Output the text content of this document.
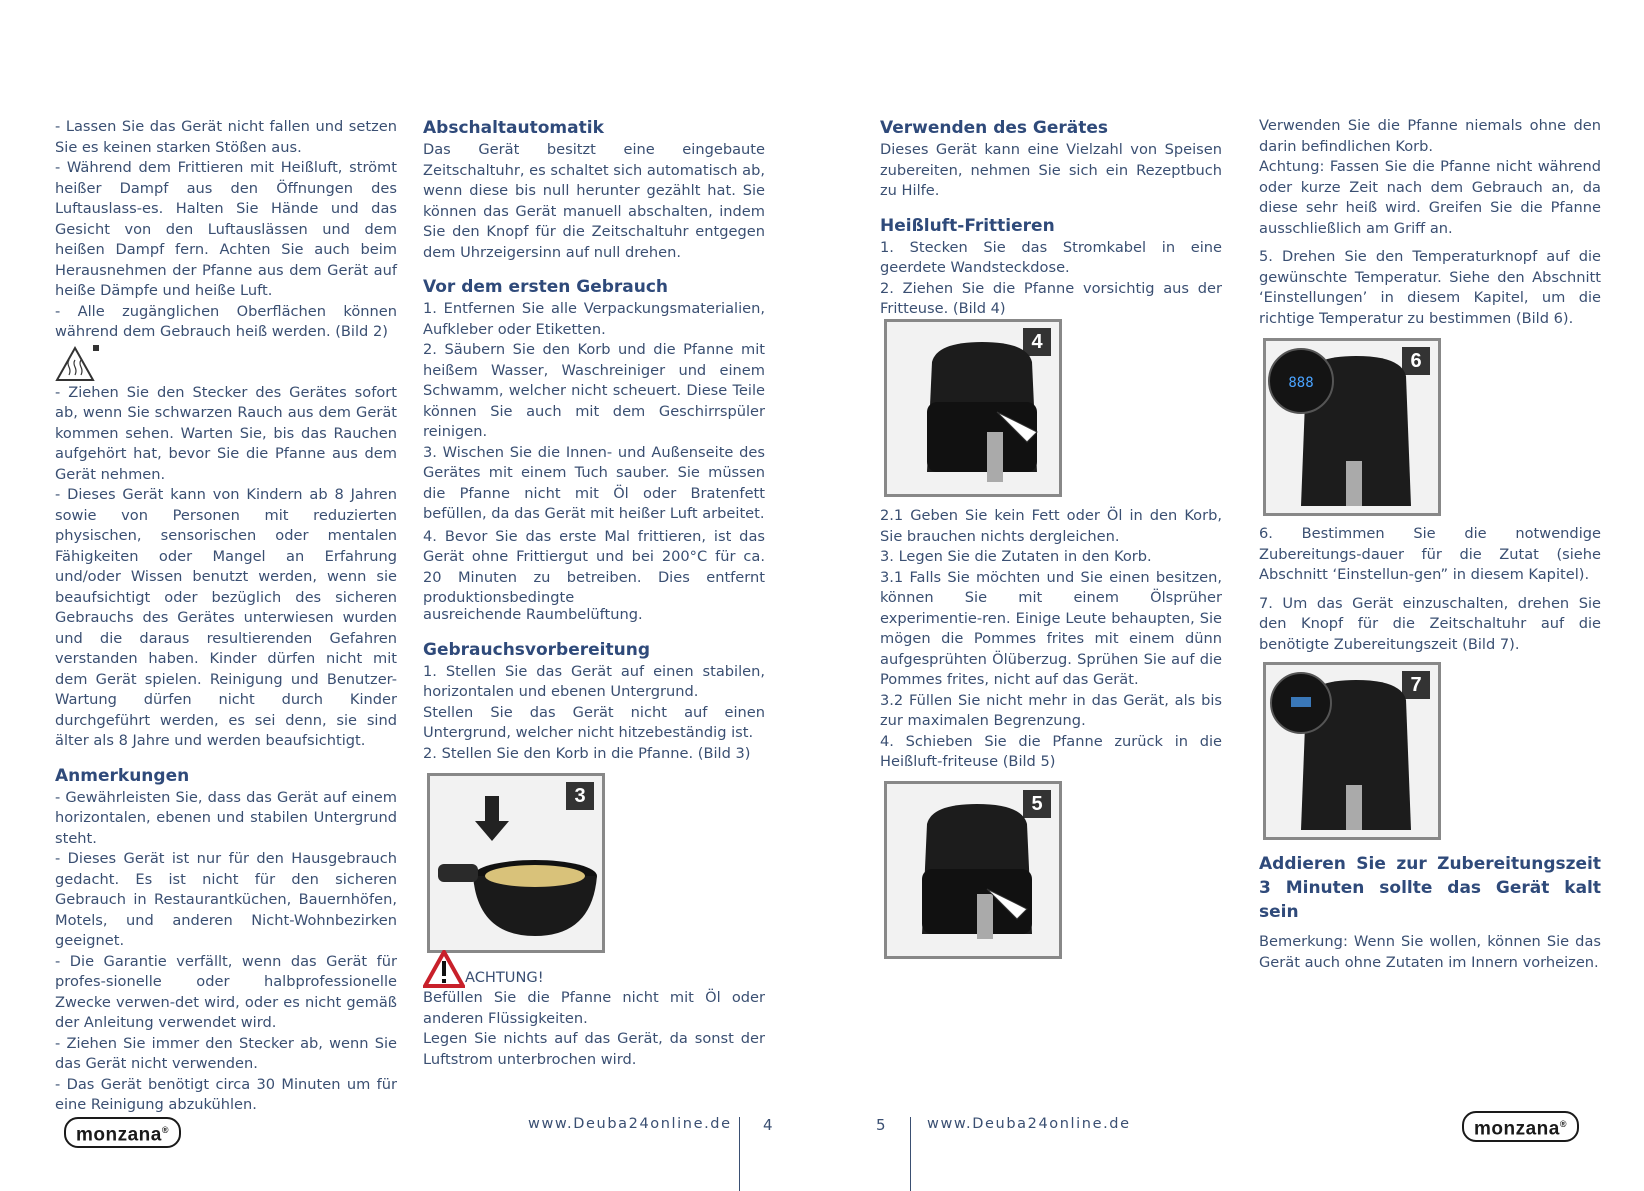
- Lassen Sie das Gerät nicht fallen und setzen Sie es keinen starken Stößen aus.

- Während dem Frittieren mit Heißluft, strömt heißer Dampf aus den Öffnungen des Luftauslass-es. Halten Sie Hände und das Gesicht von den Luftauslässen und dem heißen Dampf fern. Achten Sie auch beim Herausnehmen der Pfanne aus dem Gerät auf heiße Dämpfe und heiße Luft.

- Alle zugänglichen Oberflächen können während dem Gebrauch heiß werden. (Bild 2)

- Ziehen Sie den Stecker des Gerätes sofort ab, wenn Sie schwarzen Rauch aus dem Gerät kommen sehen. Warten Sie, bis das Rauchen aufgehört hat, bevor Sie die Pfanne aus dem Gerät nehmen.

- Dieses Gerät kann von Kindern ab 8 Jahren sowie von Personen mit reduzierten physischen, sensorischen oder mentalen Fähigkeiten oder Mangel an Erfahrung und/oder Wissen benutzt werden, wenn sie beaufsichtigt oder bezüglich des sicheren Gebrauchs des Gerätes unterwiesen wurden und die daraus resultierenden Gefahren verstanden haben. Kinder dürfen nicht mit dem Gerät spielen. Reinigung und Benutzer-Wartung dürfen nicht durch Kinder durchgeführt werden, es sei denn, sie sind älter als 8 Jahre und werden beaufsichtigt.

Anmerkungen

- Gewährleisten Sie, dass das Gerät auf einem horizontalen, ebenen und stabilen Untergrund steht.

- Dieses Gerät ist nur für den Hausgebrauch gedacht. Es ist nicht für den sicheren Gebrauch in Restaurantküchen, Bauernhöfen, Motels, und anderen Nicht-Wohnbezirken geeignet.

- Die Garantie verfällt, wenn das Gerät für profes-sionelle oder halbprofessionelle Zwecke verwen-det wird, oder es nicht gemäß der Anleitung verwendet wird.

- Ziehen Sie immer den Stecker ab, wenn Sie das Gerät nicht verwenden.

- Das Gerät benötigt circa 30 Minuten um für eine Reinigung abzukühlen.

Abschaltautomatik

Das Gerät besitzt eine eingebaute Zeitschaltuhr, es schaltet sich automatisch ab, wenn diese bis null herunter gezählt hat. Sie können das Gerät manuell abschalten, indem Sie den Knopf für die Zeitschaltuhr entgegen dem Uhrzeigersinn auf null drehen.

Vor dem ersten Gebrauch

1. Entfernen Sie alle Verpackungsmaterialien, Aufkleber oder Etiketten.

2. Säubern Sie den Korb und die Pfanne mit heißem Wasser, Waschreiniger und einem Schwamm, welcher nicht scheuert. Diese Teile können Sie auch mit dem Geschirrspüler reinigen.

3. Wischen Sie die Innen- und Außenseite des Gerätes mit einem Tuch sauber. Sie müssen die Pfanne nicht mit Öl oder Bratenfett befüllen, da das Gerät mit heißer Luft arbeitet.

4. Bevor Sie das erste Mal frittieren, ist das Gerät ohne Frittiergut und bei 200°C für ca. 20 Minuten zu betreiben. Dies entfernt produktionsbedingte

ausreichende Raumbelüftung.

Gebrauchsvorbereitung

1. Stellen Sie das Gerät auf einen stabilen, horizontalen und ebenen Untergrund.

Stellen Sie das Gerät nicht auf einen Untergrund, welcher nicht hitzebeständig ist.

2. Stellen Sie den Korb in die Pfanne. (Bild 3)

3
ACHTUNG!

Befüllen Sie die Pfanne nicht mit Öl oder anderen Flüssigkeiten.

Legen Sie nichts auf das Gerät, da sonst der Luftstrom unterbrochen wird.

Verwenden des Gerätes

Dieses Gerät kann eine Vielzahl von Speisen zubereiten, nehmen Sie sich ein Rezeptbuch zu Hilfe.

Heißluft-Frittieren

1. Stecken Sie das Stromkabel in eine geerdete Wandsteckdose.

2. Ziehen Sie die Pfanne vorsichtig aus der Fritteuse. (Bild 4)

4

2.1 Geben Sie kein Fett oder Öl in den Korb, Sie brauchen nichts dergleichen.

3. Legen Sie die Zutaten in den Korb.

3.1 Falls Sie möchten und Sie einen besitzen, können Sie mit einem Ölsprüher experimentie-ren. Einige Leute behaupten, Sie mögen die Pommes frites mit einem dünn aufgesprühten Ölüberzug. Sprühen Sie auf die Pommes frites, nicht auf das Gerät.

3.2 Füllen Sie nicht mehr in das Gerät, als bis zur maximalen Begrenzung.

4. Schieben Sie die Pfanne zurück in die Heißluft-friteuse (Bild 5)

5

Verwenden Sie die Pfanne niemals ohne den darin befindlichen Korb.

Achtung: Fassen Sie die Pfanne nicht während oder kurze Zeit nach dem Gebrauch an, da diese sehr heiß wird. Greifen Sie die Pfanne ausschließlich am Griff an.

5. Drehen Sie den Temperaturknopf auf die gewünschte Temperatur. Siehe den Abschnitt ‘Einstellungen’ in diesem Kapitel, um die richtige Temperatur zu bestimmen (Bild 6).

6
888

6. Bestimmen Sie die notwendige Zubereitungs-dauer für die Zutat (siehe Abschnitt ‘Einstellun-gen” in diesem Kapitel).

7. Um das Gerät einzuschalten, drehen Sie den Knopf für die Zeitschaltuhr auf die benötigte Zubereitungszeit (Bild 7).

7

Addieren Sie zur Zubereitungszeit 3 Minuten sollte das Gerät kalt sein

Bemerkung: Wenn Sie wollen, können Sie das Gerät auch ohne Zutaten im Innern vorheizen.

monzana®	www.Deuba24online.de 4	5	www.Deuba24online.de	monzana®
